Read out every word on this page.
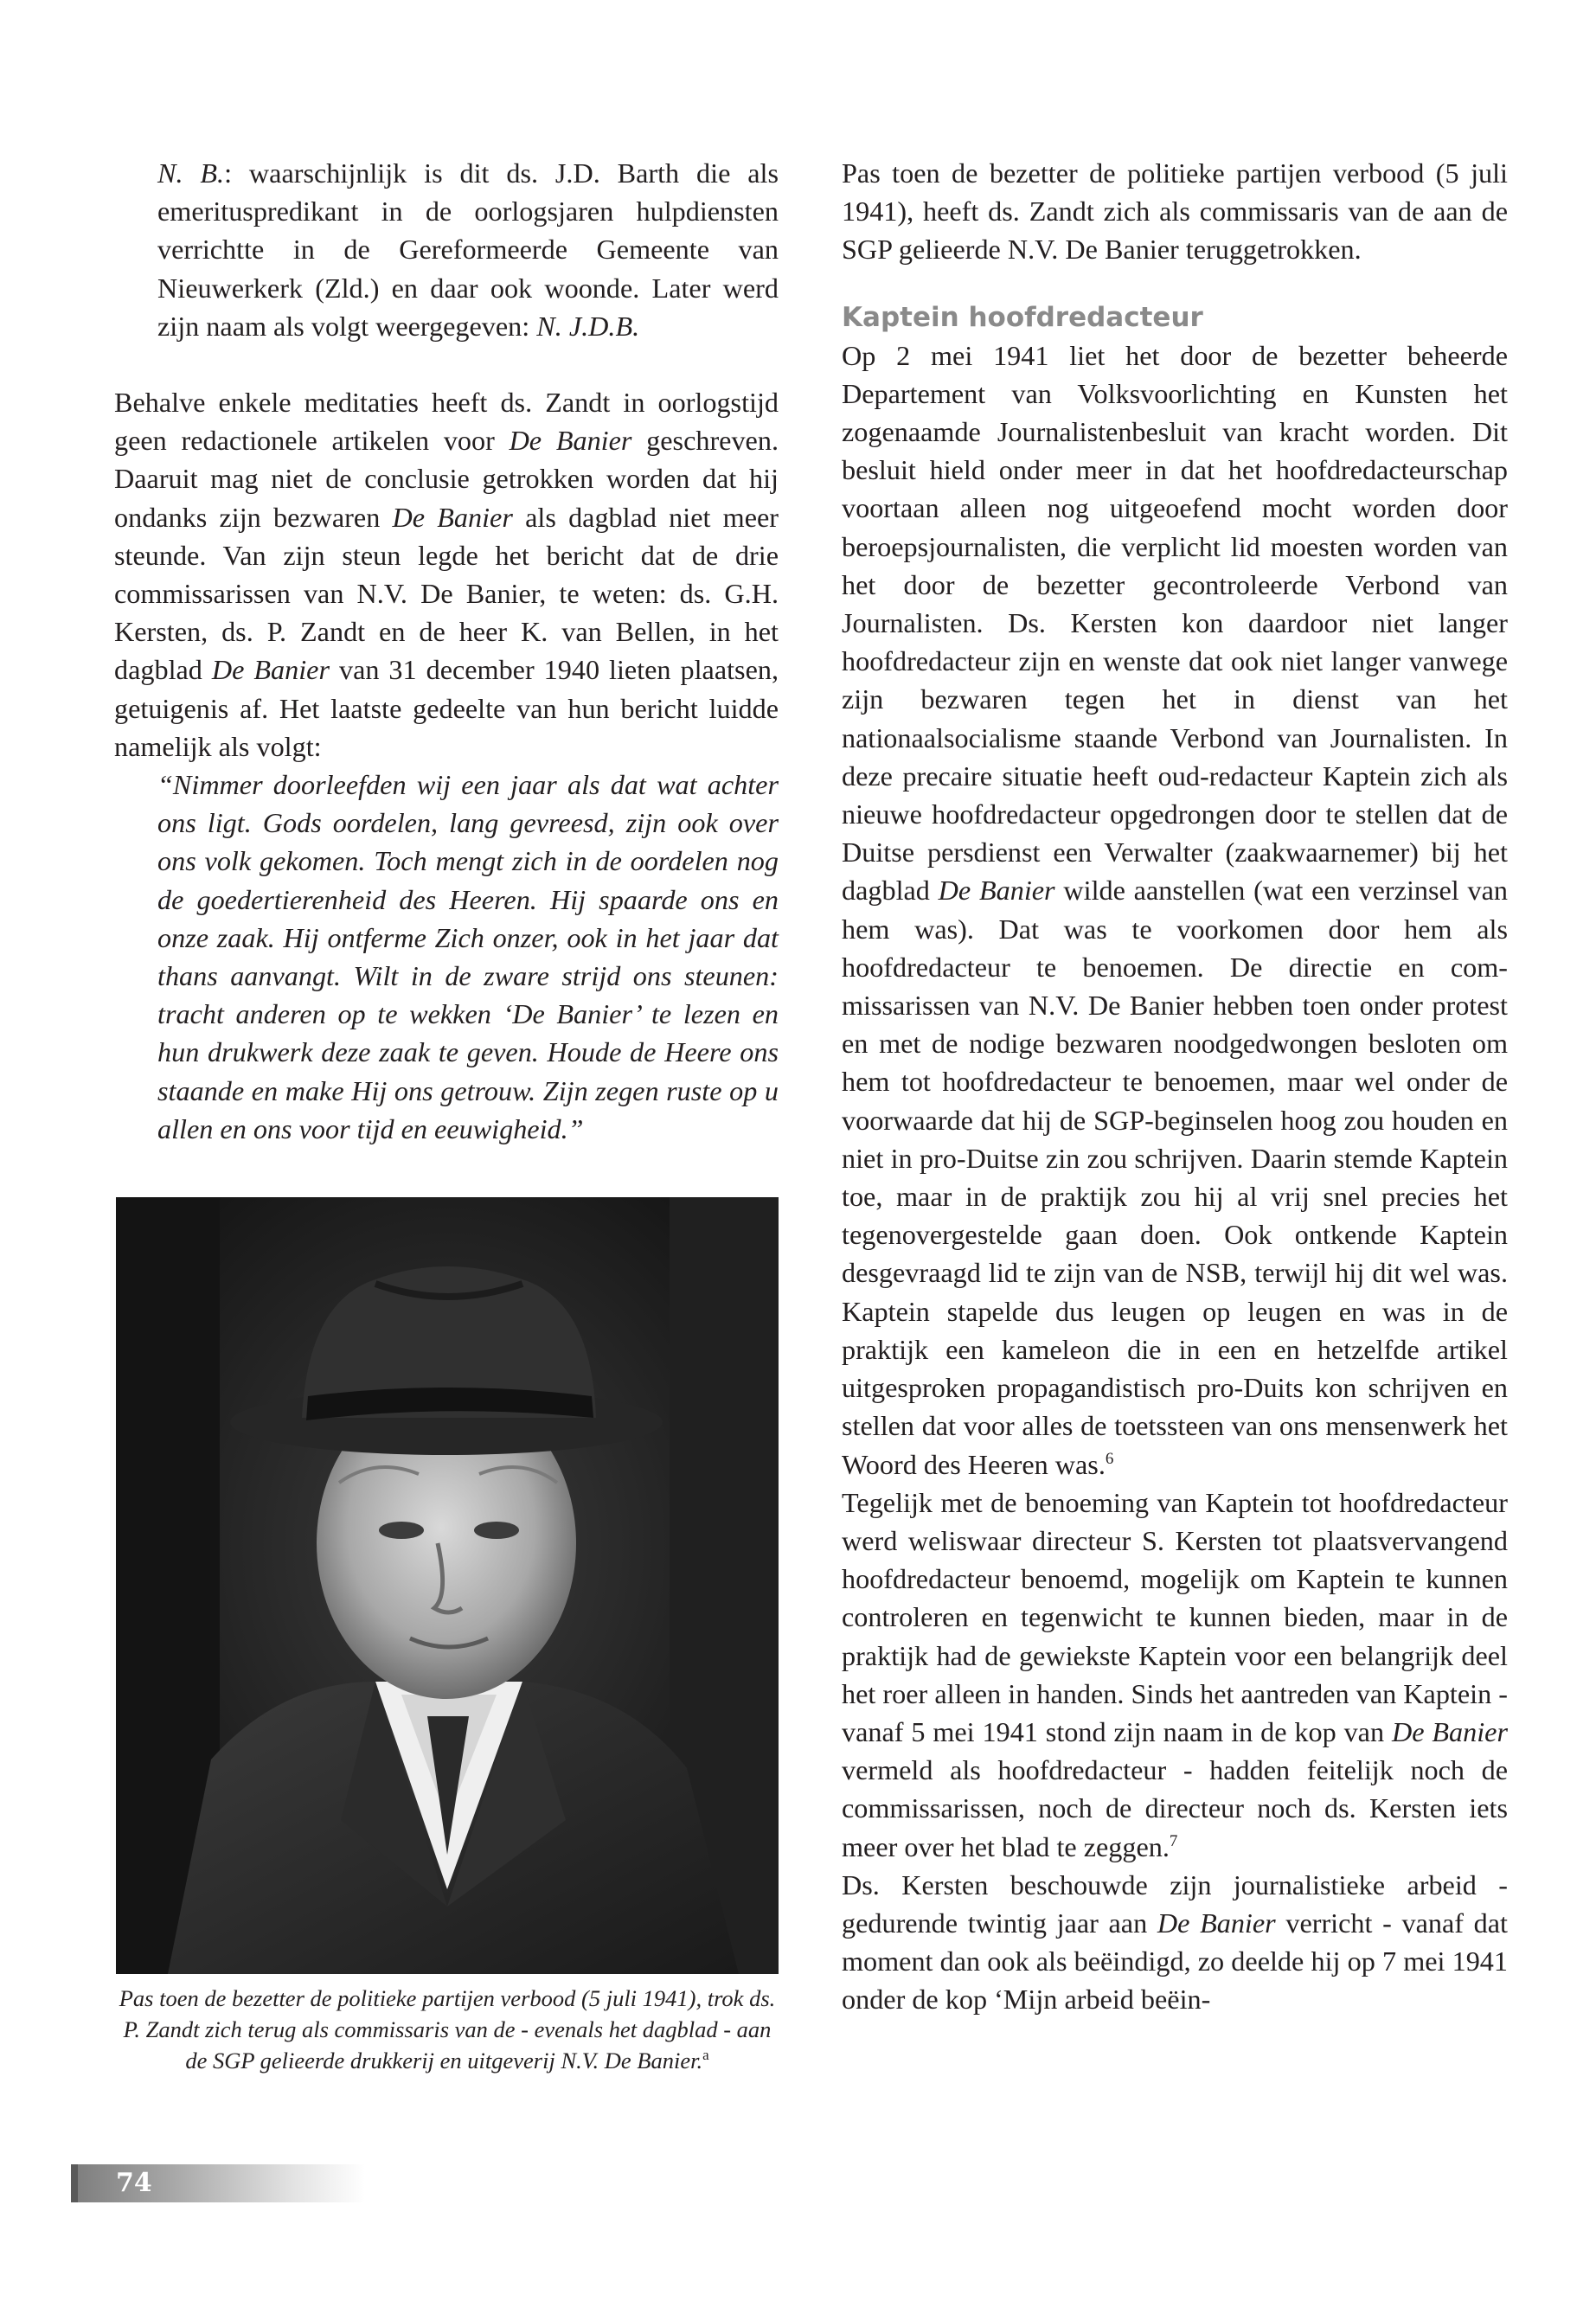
N. B.: waarschijnlijk is dit ds. J.D. Barth die als emerituspredikant in de oorlogsjaren hulpdiensten verrichtte in de Gereformeerde Gemeente van Nieuwerkerk (Zld.) en daar ook woonde. Later werd zijn naam als volgt weergegeven: N. J.D.B.

Behalve enkele meditaties heeft ds. Zandt in oorlogstijd geen redactionele artikelen voor De Banier geschreven. Daaruit mag niet de conclusie getrokken worden dat hij ondanks zijn bezwaren De Banier als dagblad niet meer steunde. Van zijn steun legde het bericht dat de drie commissarissen van N.V. De Banier, te weten: ds. G.H. Kersten, ds. P. Zandt en de heer K. van Bellen, in het dagblad De Banier van 31 december 1940 lieten plaatsen, getuigenis af. Het laatste gedeelte van hun bericht luidde namelijk als volgt:

“Nimmer doorleefden wij een jaar als dat wat achter ons ligt. Gods oordelen, lang gevreesd, zijn ook over ons volk gekomen. Toch mengt zich in de oordelen nog de goedertierenheid des Heeren. Hij spaarde ons en onze zaak. Hij ontferme Zich onzer, ook in het jaar dat thans aanvangt. Wilt in de zware strijd ons steunen: tracht anderen op te wekken ‘De Banier’ te lezen en hun drukwerk deze zaak te geven. Houde de Heere ons staande en make Hij ons getrouw. Zijn zegen ruste op u allen en ons voor tijd en eeuwigheid.”

Pas toen de bezetter de politieke partijen verbood (5 juli 1941), trok ds. P. Zandt zich terug als commissaris van de - evenals het dagblad - aan de SGP gelieerde drukkerij en uitgeverij N.V. De Banier.$^a$

Pas toen de bezetter de politieke partijen verbood (5 juli 1941), heeft ds. Zandt zich als commissaris van de aan de SGP gelieerde N.V. De Banier teruggetrokken.

Kaptein hoofdredacteur

Op 2 mei 1941 liet het door de bezetter beheerde Departement van Volksvoorlichting en Kunsten het zogenaamde Journalistenbesluit van kracht worden. Dit besluit hield onder meer in dat het hoofdredacteurschap voortaan alleen nog uitgeoefend mocht worden door beroepsjournalisten, die verplicht lid moesten worden van het door de bezetter gecontroleerde Verbond van Journalisten. Ds. Kersten kon daardoor niet langer hoofdredacteur zijn en wenste dat ook niet langer vanwege zijn bezwaren tegen het in dienst van het nationaalsocialisme staande Verbond van Journalisten. In deze precaire situatie heeft oud-redacteur Kaptein zich als nieuwe hoofdredacteur opgedrongen door te stellen dat de Duitse persdienst een Verwalter (zaakwaarnemer) bij het dagblad De Banier wilde aanstellen (wat een verzinsel van hem was). Dat was te voorkomen door hem als hoofdredacteur te benoemen. De directie en commissarissen van N.V. De Banier hebben toen onder protest en met de nodige bezwaren noodgedwongen besloten om hem tot hoofdredacteur te benoemen, maar wel onder de voorwaarde dat hij de SGP-beginselen hoog zou houden en niet in pro-Duitse zin zou schrijven. Daarin stemde Kaptein toe, maar in de praktijk zou hij al vrij snel precies het tegenovergestelde gaan doen. Ook ontkende Kaptein desgevraagd lid te zijn van de NSB, terwijl hij dit wel was. Kaptein stapelde dus leugen op leugen en was in de praktijk een kameleon die in een en hetzelfde artikel uitgesproken propagandistisch pro-Duits kon schrijven en stellen dat voor alles de toetssteen van ons mensenwerk het Woord des Heeren was.$^6$

Tegelijk met de benoeming van Kaptein tot hoofdredacteur werd weliswaar directeur S. Kersten tot plaatsvervangend hoofdredacteur benoemd, mogelijk om Kaptein te kunnen controleren en tegenwicht te kunnen bieden, maar in de praktijk had de gewiekste Kaptein voor een belangrijk deel het roer alleen in handen. Sinds het aantreden van Kaptein - vanaf 5 mei 1941 stond zijn naam in de kop van De Banier vermeld als hoofdredacteur - hadden feitelijk noch de commissarissen, noch de directeur noch ds. Kersten iets meer over het blad te zeggen.$^7$

Ds. Kersten beschouwde zijn journalistieke arbeid - gedurende twintig jaar aan De Banier verricht - vanaf dat moment dan ook als beëindigd, zo deelde hij op 7 mei 1941 onder de kop ‘Mijn arbeid beëin-

74
